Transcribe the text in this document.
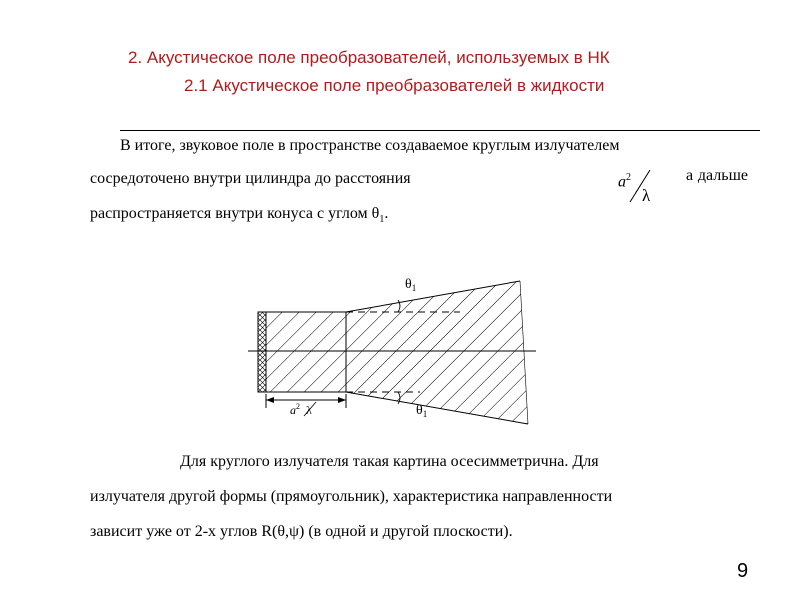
2. Акустическое поле преобразователей, используемых в НК
2.1 Акустическое поле преобразователей в жидкости
В итоге, звуковое поле в пространстве создаваемое круглым излучателем
сосредоточено внутри цилиндра до расстояния	$a^2$
λ
а дальше
распространяется внутри конуса с углом $\theta_1$.
$\theta_1$
$\theta_1$
$a^2$ λ
Для круглого излучателя такая картина осесимметрична. Для
излучателя другой формы (прямоугольник), характеристика направленности
зависит уже от 2-х углов R(θ,ψ) (в одной и другой плоскости).
9
